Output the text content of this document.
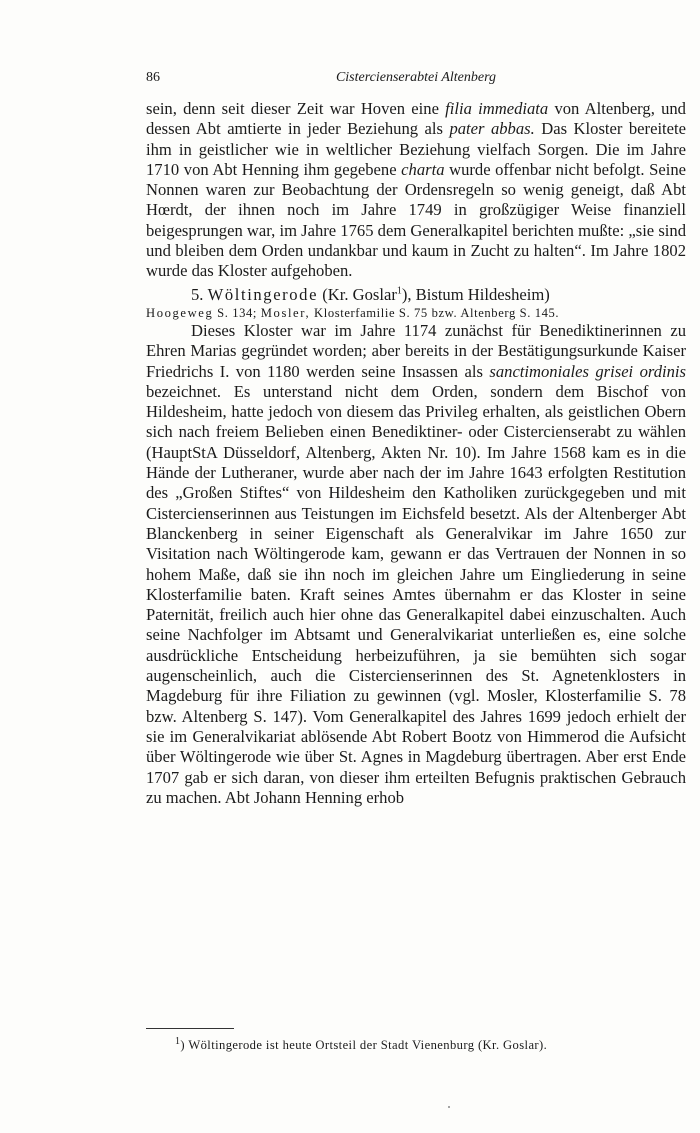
86	Cistercienserabtei Altenberg

sein, denn seit dieser Zeit war Hoven eine filia immediata von Altenberg, und dessen Abt amtierte in jeder Beziehung als pater abbas. Das Kloster bereitete ihm in geistlicher wie in weltlicher Beziehung vielfach Sorgen. Die im Jahre 1710 von Abt Henning ihm gegebene charta wurde offenbar nicht befolgt. Seine Nonnen waren zur Beobachtung der Ordensregeln so wenig geneigt, daß Abt Hœrdt, der ihnen noch im Jahre 1749 in großzügiger Weise finanziell beigesprungen war, im Jahre 1765 dem Generalkapitel berichten mußte: „sie sind und bleiben dem Orden undankbar und kaum in Zucht zu halten“. Im Jahre 1802 wurde das Kloster aufgehoben.

5. Wöltingerode (Kr. Goslar$^1$), Bistum Hildesheim)

Hoogeweg S. 134; Mosler, Klosterfamilie S. 75 bzw. Altenberg S. 145.

Dieses Kloster war im Jahre 1174 zunächst für Benediktinerinnen zu Ehren Marias gegründet worden; aber bereits in der Bestätigungsurkunde Kaiser Friedrichs I. von 1180 werden seine Insassen als sanctimoniales grisei ordinis bezeichnet. Es unterstand nicht dem Orden, sondern dem Bischof von Hildesheim, hatte jedoch von diesem das Privileg erhalten, als geistlichen Obern sich nach freiem Belieben einen Benediktiner- oder Cistercienserabt zu wählen (HauptStA Düsseldorf, Altenberg, Akten Nr. 10). Im Jahre 1568 kam es in die Hände der Lutheraner, wurde aber nach der im Jahre 1643 erfolgten Restitution des „Großen Stiftes“ von Hildesheim den Katholiken zurückgegeben und mit Cistercienserinnen aus Teistungen im Eichsfeld besetzt. Als der Altenberger Abt Blanckenberg in seiner Eigenschaft als Generalvikar im Jahre 1650 zur Visitation nach Wöltingerode kam, gewann er das Vertrauen der Nonnen in so hohem Maße, daß sie ihn noch im gleichen Jahre um Eingliederung in seine Klosterfamilie baten. Kraft seines Amtes übernahm er das Kloster in seine Paternität, freilich auch hier ohne das Generalkapitel dabei einzuschalten. Auch seine Nachfolger im Abtsamt und Generalvikariat unterließen es, eine solche ausdrückliche Entscheidung herbeizuführen, ja sie bemühten sich sogar augenscheinlich, auch die Cistercienserinnen des St. Agnetenklosters in Magdeburg für ihre Filiation zu gewinnen (vgl. Mosler, Klosterfamilie S. 78 bzw. Altenberg S. 147). Vom Generalkapitel des Jahres 1699 jedoch erhielt der sie im Generalvikariat ablösende Abt Robert Bootz von Himmerod die Aufsicht über Wöltingerode wie über St. Agnes in Magdeburg übertragen. Aber erst Ende 1707 gab er sich daran, von dieser ihm erteilten Befugnis praktischen Gebrauch zu machen. Abt Johann Henning erhob

$^1$) Wöltingerode ist heute Ortsteil der Stadt Vienenburg (Kr. Goslar).
